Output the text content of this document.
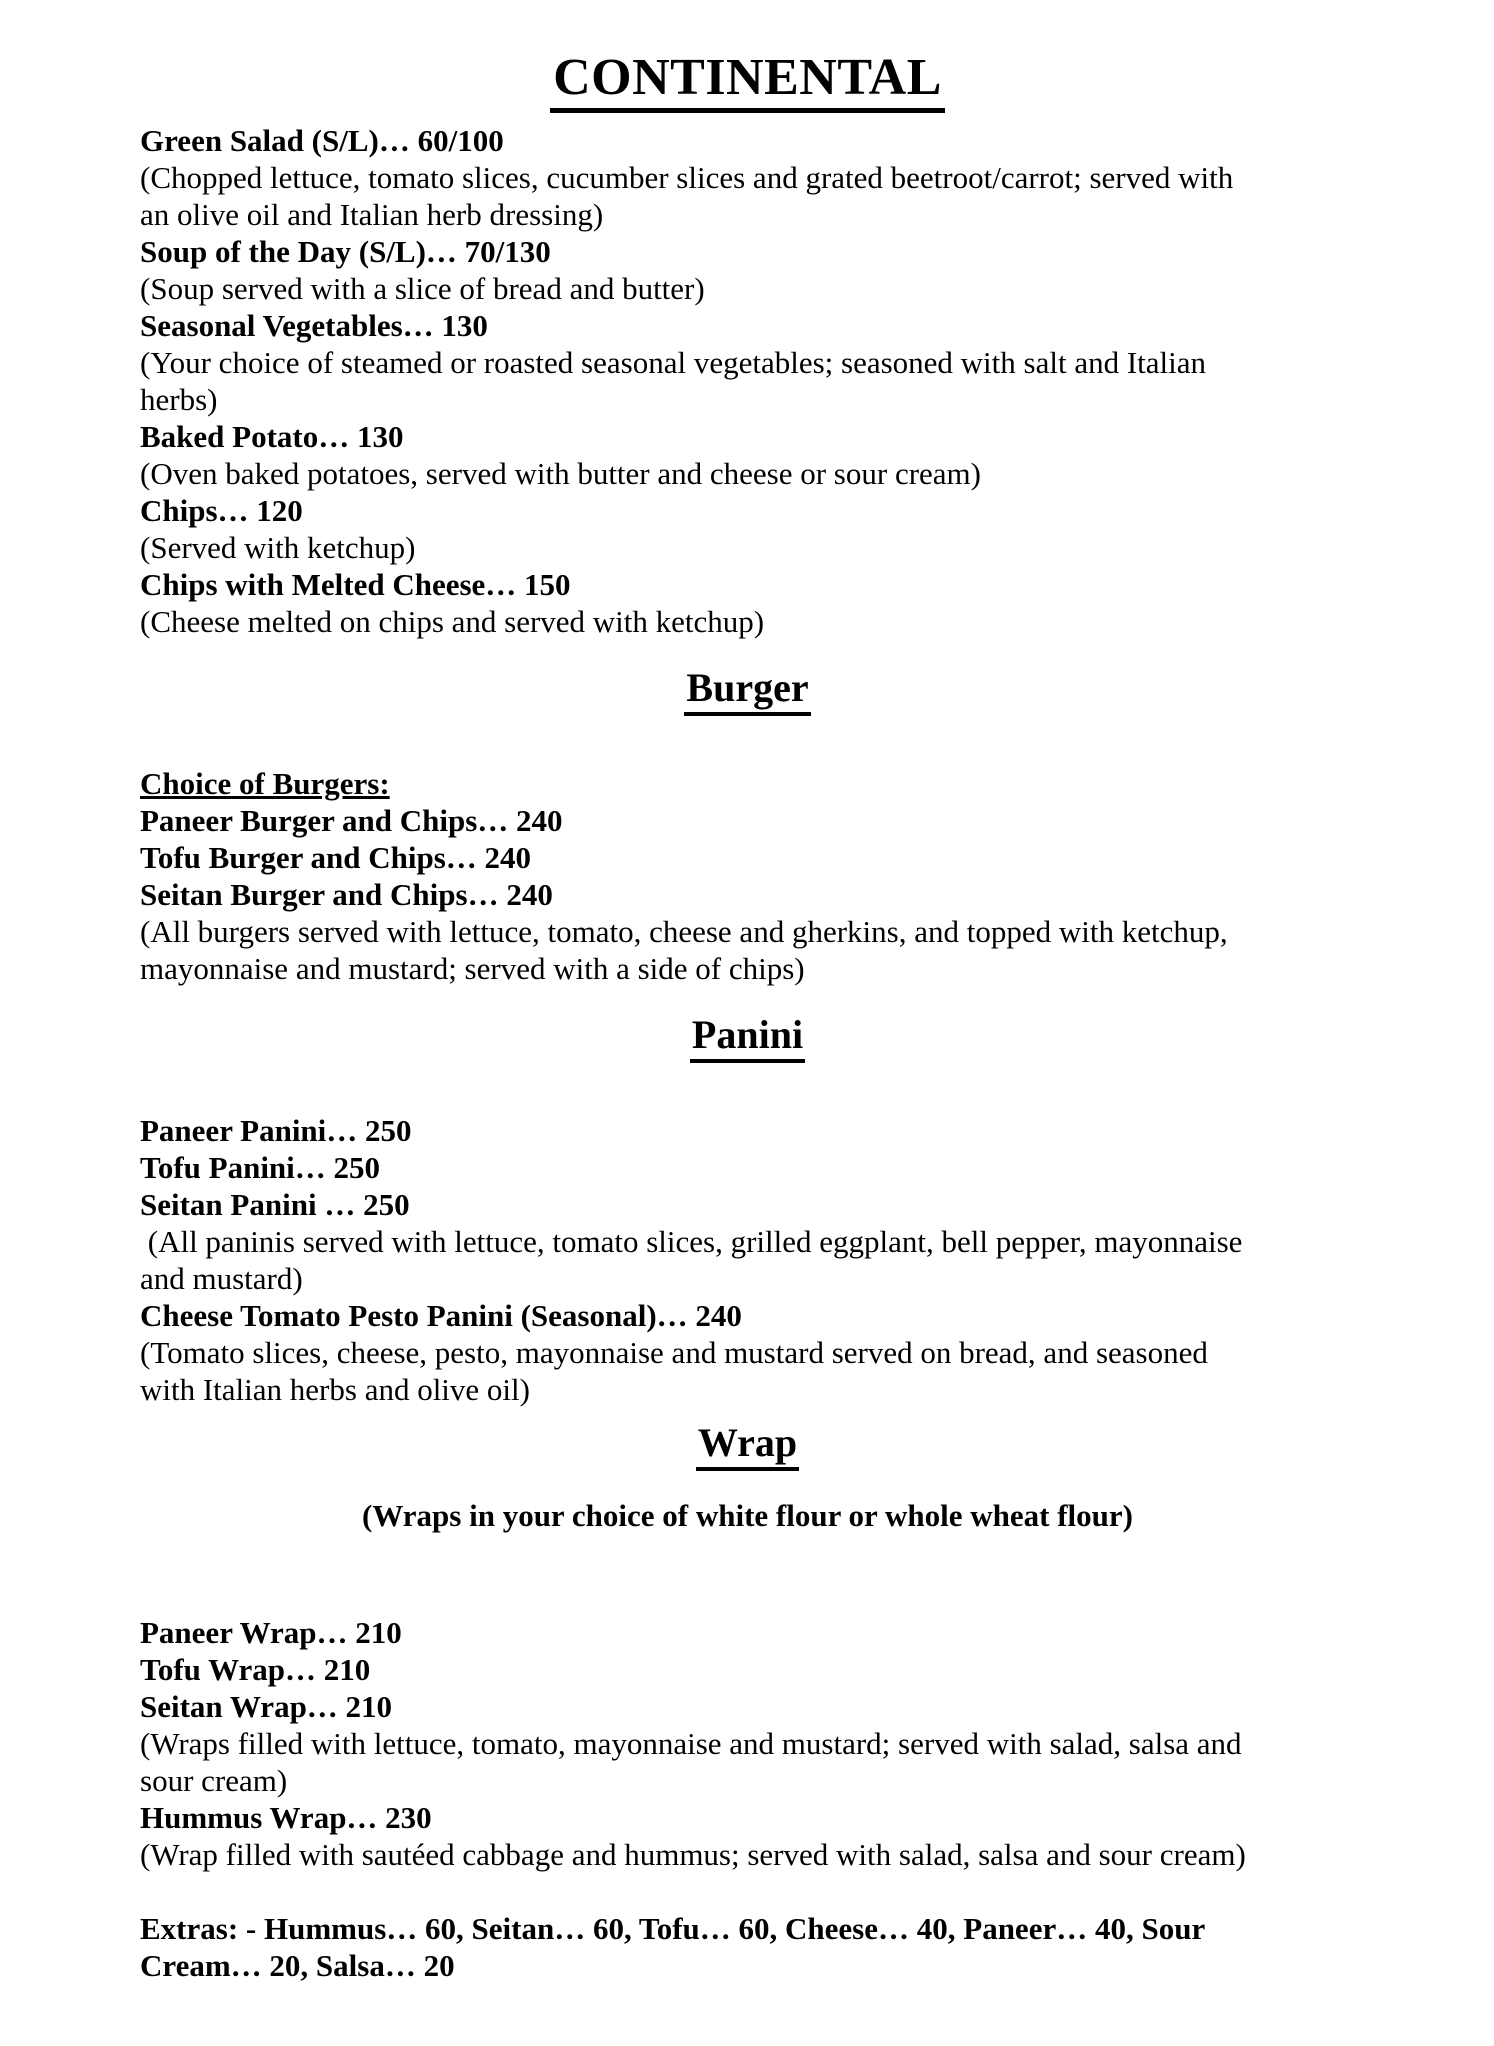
CONTINENTAL

Green Salad (S/L)… 60/100

(Chopped lettuce, tomato slices, cucumber slices and grated beetroot/carrot; served with an olive oil and Italian herb dressing)

Soup of the Day (S/L)… 70/130

(Soup served with a slice of bread and butter)

Seasonal Vegetables… 130

(Your choice of steamed or roasted seasonal vegetables; seasoned with salt and Italian herbs)

Baked Potato… 130

(Oven baked potatoes, served with butter and cheese or sour cream)

Chips… 120

(Served with ketchup)

Chips with Melted Cheese… 150

(Cheese melted on chips and served with ketchup)

Burger

Choice of Burgers:

Paneer Burger and Chips… 240

Tofu Burger and Chips… 240

Seitan Burger and Chips… 240

(All burgers served with lettuce, tomato, cheese and gherkins, and topped with ketchup, mayonnaise and mustard; served with a side of chips)

Panini

Paneer Panini… 250

Tofu Panini… 250

Seitan Panini … 250

(All paninis served with lettuce, tomato slices, grilled eggplant, bell pepper, mayonnaise and mustard)

Cheese Tomato Pesto Panini (Seasonal)… 240

(Tomato slices, cheese, pesto, mayonnaise and mustard served on bread, and seasoned with Italian herbs and olive oil)

Wrap

(Wraps in your choice of white flour or whole wheat flour)

Paneer Wrap… 210

Tofu Wrap… 210

Seitan Wrap… 210

(Wraps filled with lettuce, tomato, mayonnaise and mustard; served with salad, salsa and sour cream)

Hummus Wrap… 230

(Wrap filled with sautéed cabbage and hummus; served with salad, salsa and sour cream)

Extras: - Hummus… 60, Seitan… 60, Tofu… 60, Cheese… 40, Paneer… 40, Sour Cream… 20, Salsa… 20
